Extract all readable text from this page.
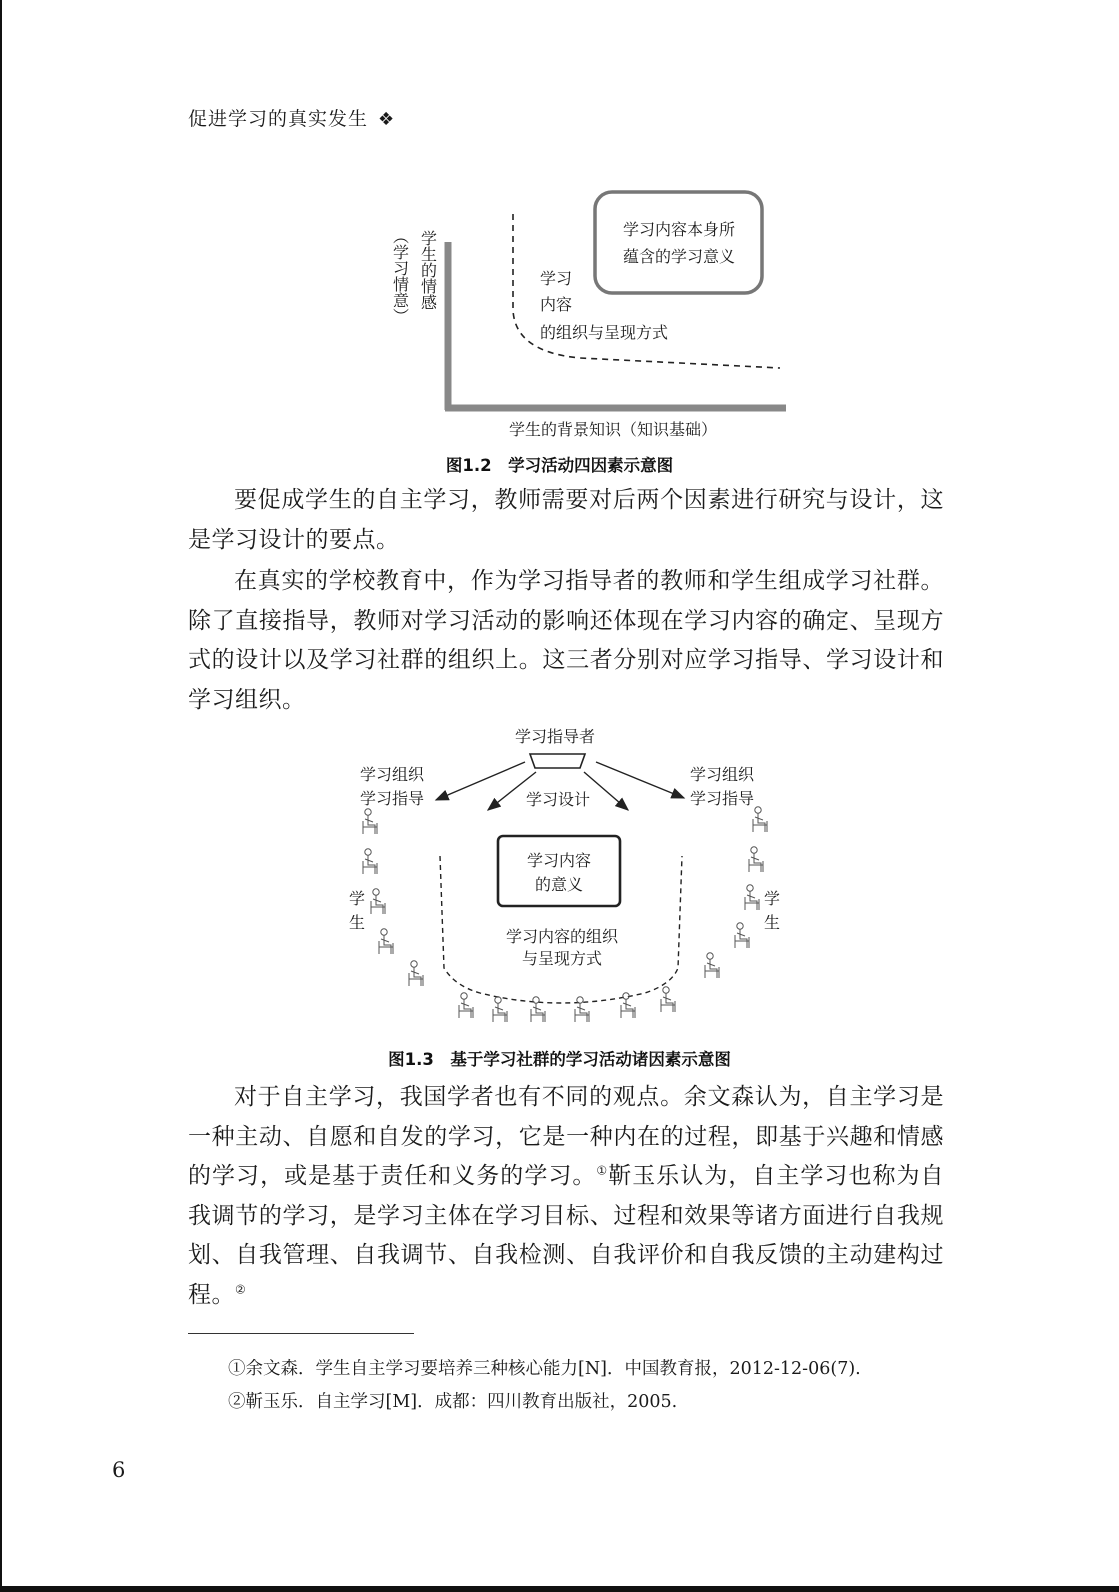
促进学习的真实发生 ❖
学生的情感
（学习情意）	学习内容本身所
蕴含的学习意义
学习
内容
的组织与呈现方式
学生的背景知识（知识基础）
图1.2　学习活动四因素示意图

要促成学生的自主学习，教师需要对后两个因素进行研究与设计，这是学习设计的要点。

在真实的学校教育中，作为学习指导者的教师和学生组成学习社群。除了直接指导，教师对学习活动的影响还体现在学习内容的确定、呈现方式的设计以及学习社群的组织上。这三者分别对应学习指导、学习设计和学习组织。

学习指导者
学习组织
学习指导
学习组织
学习指导
学习设计
学习内容
的意义
学习内容的组织
与呈现方式
学
生
学
生
图1.3　基于学习社群的学习活动诸因素示意图

对于自主学习，我国学者也有不同的观点。余文森认为，自主学习是一种主动、自愿和自发的学习，它是一种内在的过程，即基于兴趣和情感的学习，或是基于责任和义务的学习。①靳玉乐认为，自主学习也称为自我调节的学习，是学习主体在学习目标、过程和效果等诸方面进行自我规划、自我管理、自我调节、自我检测、自我评价和自我反馈的主动建构过程。②

①余文森．学生自主学习要培养三种核心能力[N]．中国教育报，2012-12-06(7).
②靳玉乐．自主学习[M]．成都：四川教育出版社，2005.
6
